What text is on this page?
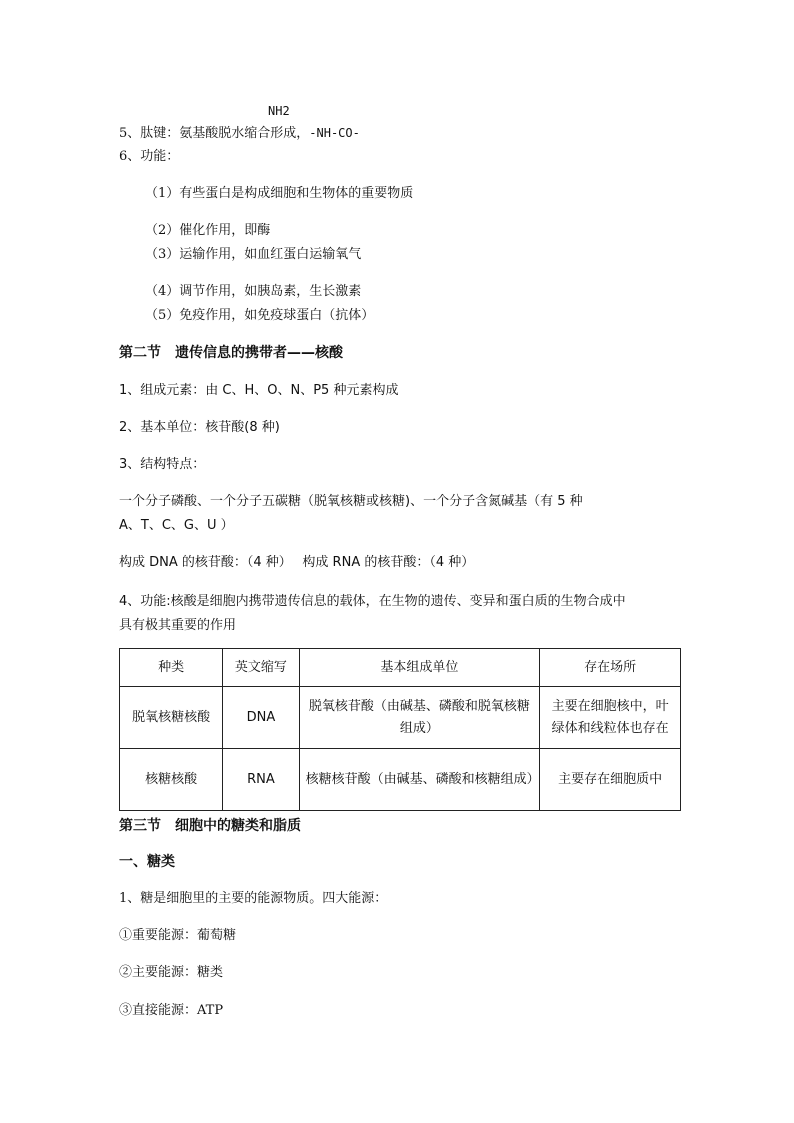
NH2
5、肽键：氨基酸脱水缩合形成，-NH-CO-
6、功能：
（1）有些蛋白是构成细胞和生物体的重要物质
（2）催化作用，即酶
（3）运输作用，如血红蛋白运输氧气
（4）调节作用，如胰岛素，生长激素
（5）免疫作用，如免疫球蛋白（抗体）
第二节　遗传信息的携带者——核酸
1、组成元素：由 C、H、O、N、P5 种元素构成
2、基本单位：核苷酸(8 种)
3、结构特点：
一个分子磷酸、一个分子五碳糖（脱氧核糖或核糖)、一个分子含氮碱基（有 5 种
A、T、C、G、U ）
构成 DNA 的核苷酸：（4 种）　 构成 RNA 的核苷酸：（4 种）
4、功能:核酸是细胞内携带遗传信息的载体，在生物的遗传、变异和蛋白质的生物合成中
具有极其重要的作用
种类	英文缩写	基本组成单位	存在场所
脱氧核糖核酸	DNA	脱氧核苷酸（由碱基、磷酸和脱氧核糖组成）	主要在细胞核中，叶绿体和线粒体也存在
核糖核酸	RNA	核糖核苷酸（由碱基、磷酸和核糖组成）	主要存在细胞质中
第三节　细胞中的糖类和脂质
一、糖类
1、糖是细胞里的主要的能源物质。四大能源：
①重要能源：葡萄糖
②主要能源：糖类
③直接能源：ATP
